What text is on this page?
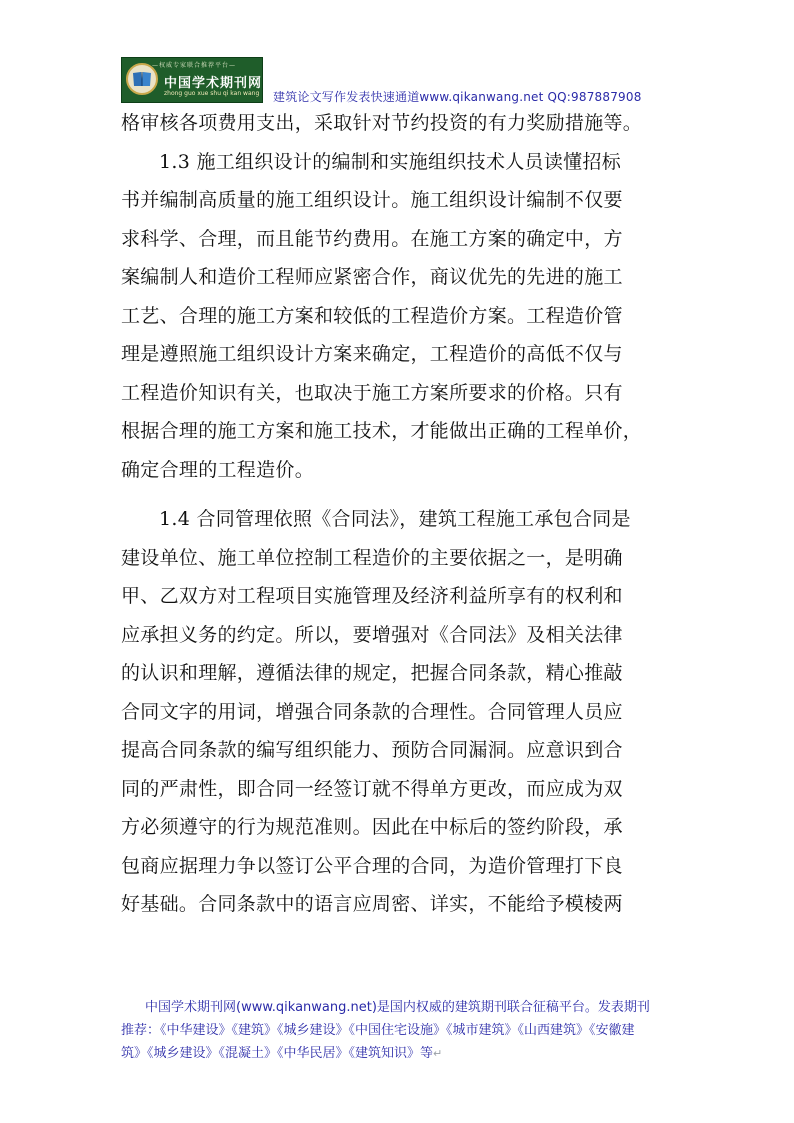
—权威专家联合推荐平台—
中国学术期刊网
zhong guo xue shu qi kan wang 建筑论文写作发表快速通道www.qikanwang.net QQ:987887908
格审核各项费用支出，采取针对节约投资的有力奖励措施等。
1.3 施工组织设计的编制和实施组织技术人员读懂招标
书并编制高质量的施工组织设计。施工组织设计编制不仅要
求科学、合理，而且能节约费用。在施工方案的确定中，方
案编制人和造价工程师应紧密合作，商议优先的先进的施工
工艺、合理的施工方案和较低的工程造价方案。工程造价管
理是遵照施工组织设计方案来确定，工程造价的高低不仅与
工程造价知识有关，也取决于施工方案所要求的价格。只有
根据合理的施工方案和施工技术，才能做出正确的工程单价，
确定合理的工程造价。
1.4 合同管理依照《合同法》，建筑工程施工承包合同是
建设单位、施工单位控制工程造价的主要依据之一，是明确
甲、乙双方对工程项目实施管理及经济利益所享有的权利和
应承担义务的约定。所以，要增强对《合同法》及相关法律
的认识和理解，遵循法律的规定，把握合同条款，精心推敲
合同文字的用词，增强合同条款的合理性。合同管理人员应
提高合同条款的编写组织能力、预防合同漏洞。应意识到合
同的严肃性，即合同一经签订就不得单方更改，而应成为双
方必须遵守的行为规范准则。因此在中标后的签约阶段，承
包商应据理力争以签订公平合理的合同，为造价管理打下良
好基础。合同条款中的语言应周密、详实，不能给予模棱两
中国学术期刊网(www.qikanwang.net)是国内权威的建筑期刊联合征稿平台。发表期刊
推荐：《中华建设》《建筑》《城乡建设》《中国住宅设施》《城市建筑》《山西建筑》《安徽建
筑》《城乡建设》《混凝土》《中华民居》《建筑知识》等↵
